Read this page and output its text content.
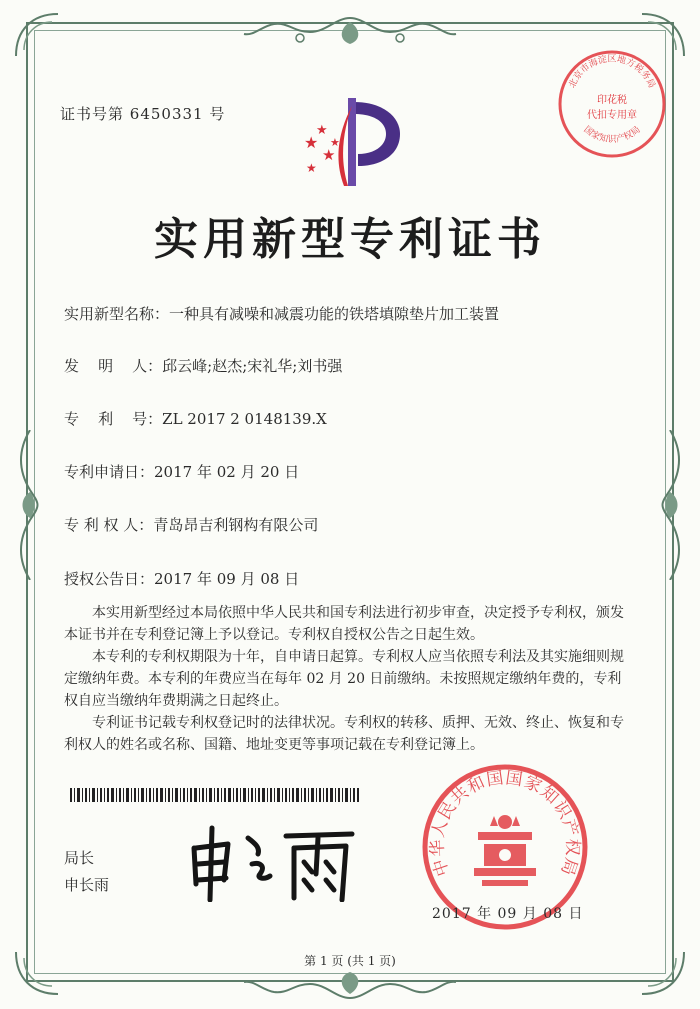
证书号第 6450331 号
★
★
★
★
★
实用新型专利证书
实用新型名称：一种具有减噪和减震功能的铁塔填隙垫片加工装置
发    明    人：邱云峰;赵杰;宋礼华;刘书强
专    利    号：ZL 2017 2 0148139.X
专利申请日：2017 年 02 月 20 日
专 利 权 人：青岛昂吉利钢构有限公司
授权公告日：2017 年 09 月 08 日

本实用新型经过本局依照中华人民共和国专利法进行初步审查，决定授予专利权，颁发本证书并在专利登记簿上予以登记。专利权自授权公告之日起生效。

本专利的专利权期限为十年，自申请日起算。专利权人应当依照专利法及其实施细则规定缴纳年费。本专利的年费应当在每年 02 月 20 日前缴纳。未按照规定缴纳年费的，专利权自应当缴纳年费期满之日起终止。

专利证书记载专利权登记时的法律状况。专利权的转移、质押、无效、终止、恢复和专利权人的姓名或名称、国籍、地址变更等事项记载在专利登记簿上。

局长
申长雨
中华人民共和国国家知识产权局
北京市海淀区地方税务局
印花税
代扣专用章
国家知识产权局
2017 年 09 月 08 日
第 1 页 (共 1 页)
